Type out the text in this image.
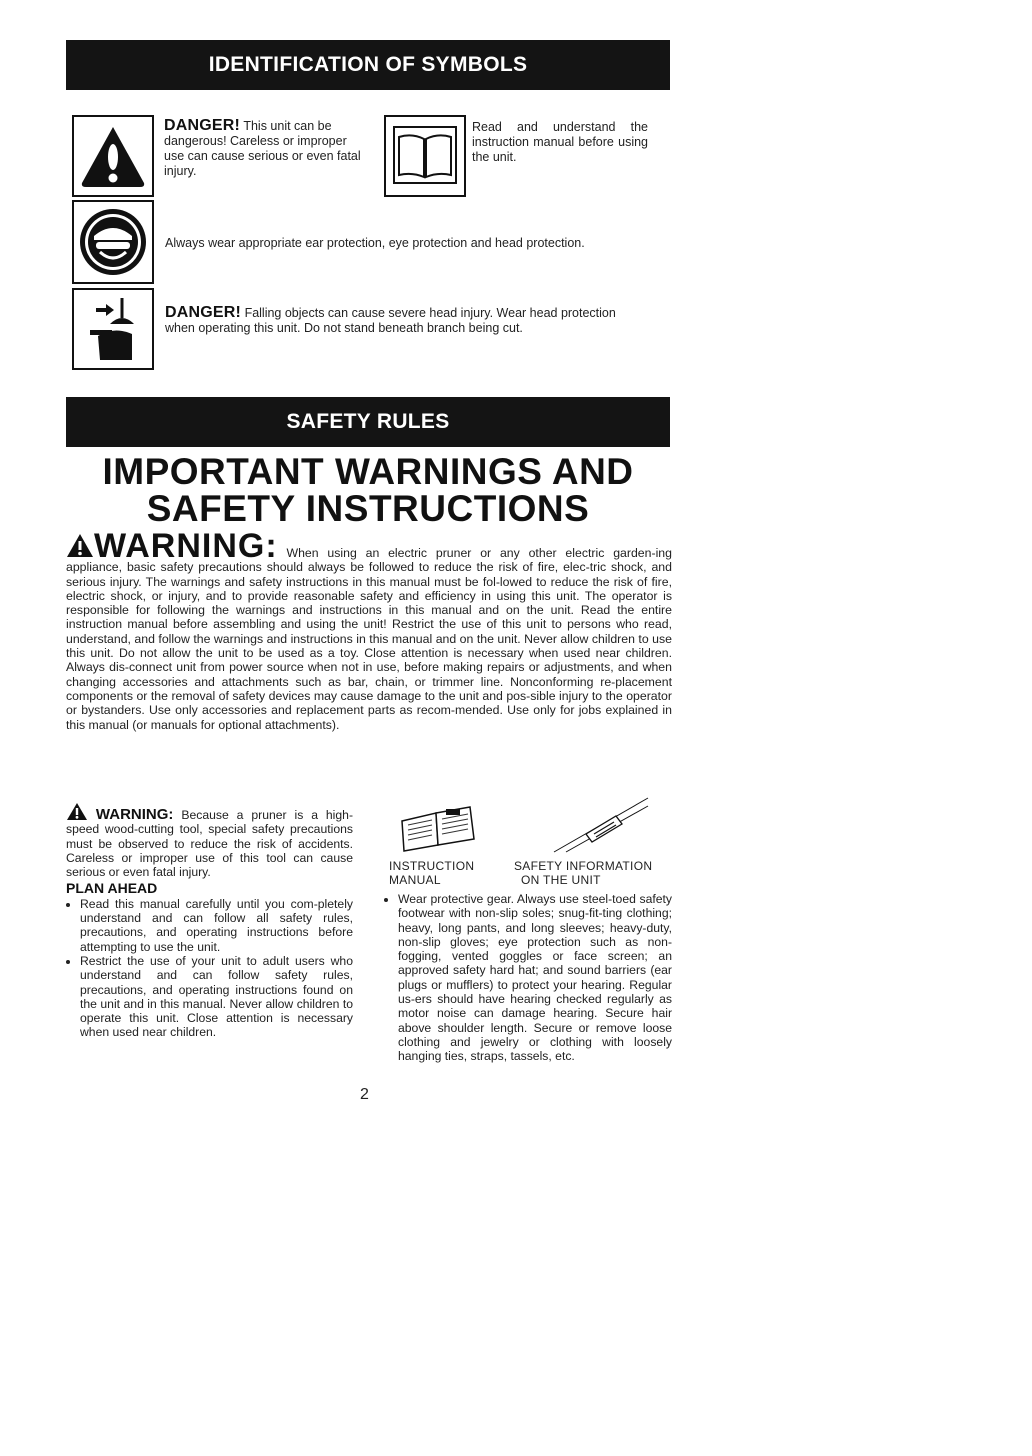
IDENTIFICATION OF SYMBOLS
DANGER! This unit can be dangerous! Careless or improper use can cause serious or even fatal injury.
Read and understand the instruction manual before using the unit.
Always wear appropriate ear protection, eye protection and head protection.
DANGER! Falling objects can cause severe head injury. Wear head protection when operating this unit. Do not stand beneath branch being cut.
SAFETY RULES
IMPORTANT WARNINGS AND
SAFETY INSTRUCTIONS
WARNING: When using an electric pruner or any other electric garden-ing appliance, basic safety precautions should always be followed to reduce the risk of fire, elec-tric shock, and serious injury. The warnings and safety instructions in this manual must be fol-lowed to reduce the risk of fire, electric shock, or injury, and to provide reasonable safety and efficiency in using this unit. The operator is responsible for following the warnings and instructions in this manual and on the unit. Read the entire instruction manual before assembling and using the unit! Restrict the use of this unit to persons who read, understand, and follow the warnings and instructions in this manual and on the unit. Never allow children to use this unit. Do not allow the unit to be used as a toy. Close attention is necessary when used near children. Always dis-connect unit from power source when not in use, before making repairs or adjustments, and when changing accessories and attachments such as bar, chain, or trimmer line. Nonconforming re-placement components or the removal of safety devices may cause damage to the unit and pos-sible injury to the operator or bystanders. Use only accessories and replacement parts as recom-mended. Use only for jobs explained in this manual (or manuals for optional attachments).
WARNING: Because a pruner is a high-speed wood-cutting tool, special safety precautions must be observed to reduce the risk of accidents. Careless or improper use of this tool can cause serious or even fatal injury.
PLAN AHEAD
• Read this manual carefully until you com-pletely understand and can follow all safety rules, precautions, and operating instructions before attempting to use the unit.
• Restrict the use of your unit to adult users who understand and can follow safety rules, precautions, and operating instructions found on the unit and in this manual. Never allow children to operate this unit. Close attention is necessary when used near children.
INSTRUCTION
MANUAL
SAFETY INFORMATION
ON THE UNIT
• Wear protective gear. Always use steel-toed safety footwear with non-slip soles; snug-fit-ting clothing; heavy, long pants, and long sleeves; heavy-duty, non-slip gloves; eye protection such as non-fogging, vented goggles or face screen; an approved safety hard hat; and sound barriers (ear plugs or mufflers) to protect your hearing. Regular us-ers should have hearing checked regularly as motor noise can damage hearing. Secure hair above shoulder length. Secure or remove loose clothing and jewelry or clothing with loosely hanging ties, straps, tassels, etc.
2
